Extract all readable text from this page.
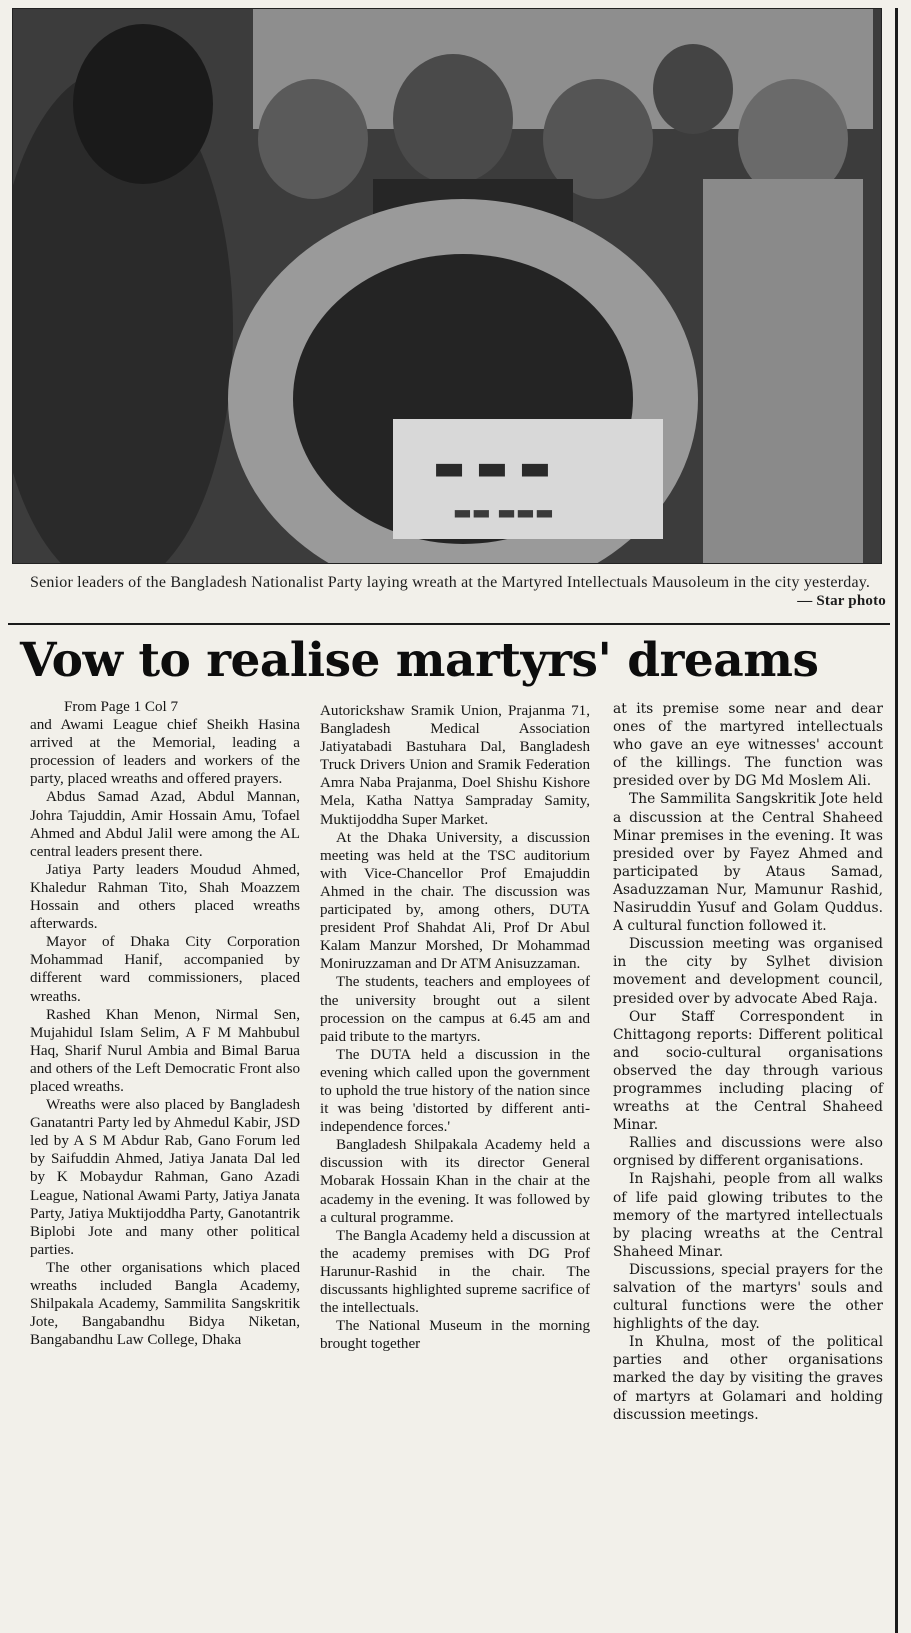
▬ ▬ ▬
▬▬ ▬▬▬
Senior leaders of the Bangladesh Nationalist Party laying wreath at the Martyred Intellectuals Mausoleum in the city yesterday.
— Star photo
Vow to realise martyrs' dreams
From Page 1 Col 7

and Awami League chief Sheikh Hasina arrived at the Memorial, leading a procession of leaders and workers of the party, placed wreaths and offered prayers.

Abdus Samad Azad, Abdul Mannan, Johra Tajuddin, Amir Hossain Amu, Tofael Ahmed and Abdul Jalil were among the AL central leaders present there.

Jatiya Party leaders Moudud Ahmed, Khaledur Rahman Tito, Shah Moazzem Hossain and others placed wreaths afterwards.

Mayor of Dhaka City Corporation Mohammad Hanif, accompanied by different ward commissioners, placed wreaths.

Rashed Khan Menon, Nirmal Sen, Mujahidul Islam Selim, A F M Mahbubul Haq, Sharif Nurul Ambia and Bimal Barua and others of the Left Democratic Front also placed wreaths.

Wreaths were also placed by Bangladesh Ganatantri Party led by Ahmedul Kabir, JSD led by A S M Abdur Rab, Gano Forum led by Saifuddin Ahmed, Jatiya Janata Dal led by K Mobaydur Rahman, Gano Azadi League, National Awami Party, Jatiya Janata Party, Jatiya Muktijoddha Party, Ganotantrik Biplobi Jote and many other political parties.

The other organisations which placed wreaths included Bangla Academy, Shilpakala Academy, Sammilita Sangskritik Jote, Bangabandhu Bidya Niketan, Bangabandhu Law College, Dhaka

Autorickshaw Sramik Union, Prajanma 71, Bangladesh Medical Association Jatiyatabadi Bastuhara Dal, Bangladesh Truck Drivers Union and Sramik Federation Amra Naba Prajanma, Doel Shishu Kishore Mela, Katha Nattya Sampraday Samity, Muktijoddha Super Market.

At the Dhaka University, a discussion meeting was held at the TSC auditorium with Vice-Chancellor Prof Emajuddin Ahmed in the chair. The discussion was participated by, among others, DUTA president Prof Shahdat Ali, Prof Dr Abul Kalam Manzur Morshed, Dr Mohammad Moniruzzaman and Dr ATM Anisuzzaman.

The students, teachers and employees of the university brought out a silent procession on the campus at 6.45 am and paid tribute to the martyrs.

The DUTA held a discussion in the evening which called upon the government to uphold the true history of the nation since it was being 'distorted by different anti-independence forces.'

Bangladesh Shilpakala Academy held a discussion with its director General Mobarak Hossain Khan in the chair at the academy in the evening. It was followed by a cultural programme.

The Bangla Academy held a discussion at the academy premises with DG Prof Harunur-Rashid in the chair. The discussants highlighted supreme sacrifice of the intellectuals.

The National Museum in the morning brought together

at its premise some near and dear ones of the martyred intellectuals who gave an eye witnesses' account of the killings. The function was presided over by DG Md Moslem Ali.

The Sammilita Sangskritik Jote held a discussion at the Central Shaheed Minar premises in the evening. It was presided over by Fayez Ahmed and participated by Ataus Samad, Asaduzzaman Nur, Mamunur Rashid, Nasiruddin Yusuf and Golam Quddus. A cultural function followed it.

Discussion meeting was organised in the city by Sylhet division movement and development council, presided over by advocate Abed Raja.

Our Staff Correspondent in Chittagong reports: Different political and socio-cultural organisations observed the day through various programmes including placing of wreaths at the Central Shaheed Minar.

Rallies and discussions were also orgnised by different organisations.

In Rajshahi, people from all walks of life paid glowing tributes to the memory of the martyred intellectuals by placing wreaths at the Central Shaheed Minar.

Discussions, special prayers for the salvation of the martyrs' souls and cultural functions were the other highlights of the day.

In Khulna, most of the political parties and other organisations marked the day by visiting the graves of martyrs at Golamari and holding discussion meetings.
